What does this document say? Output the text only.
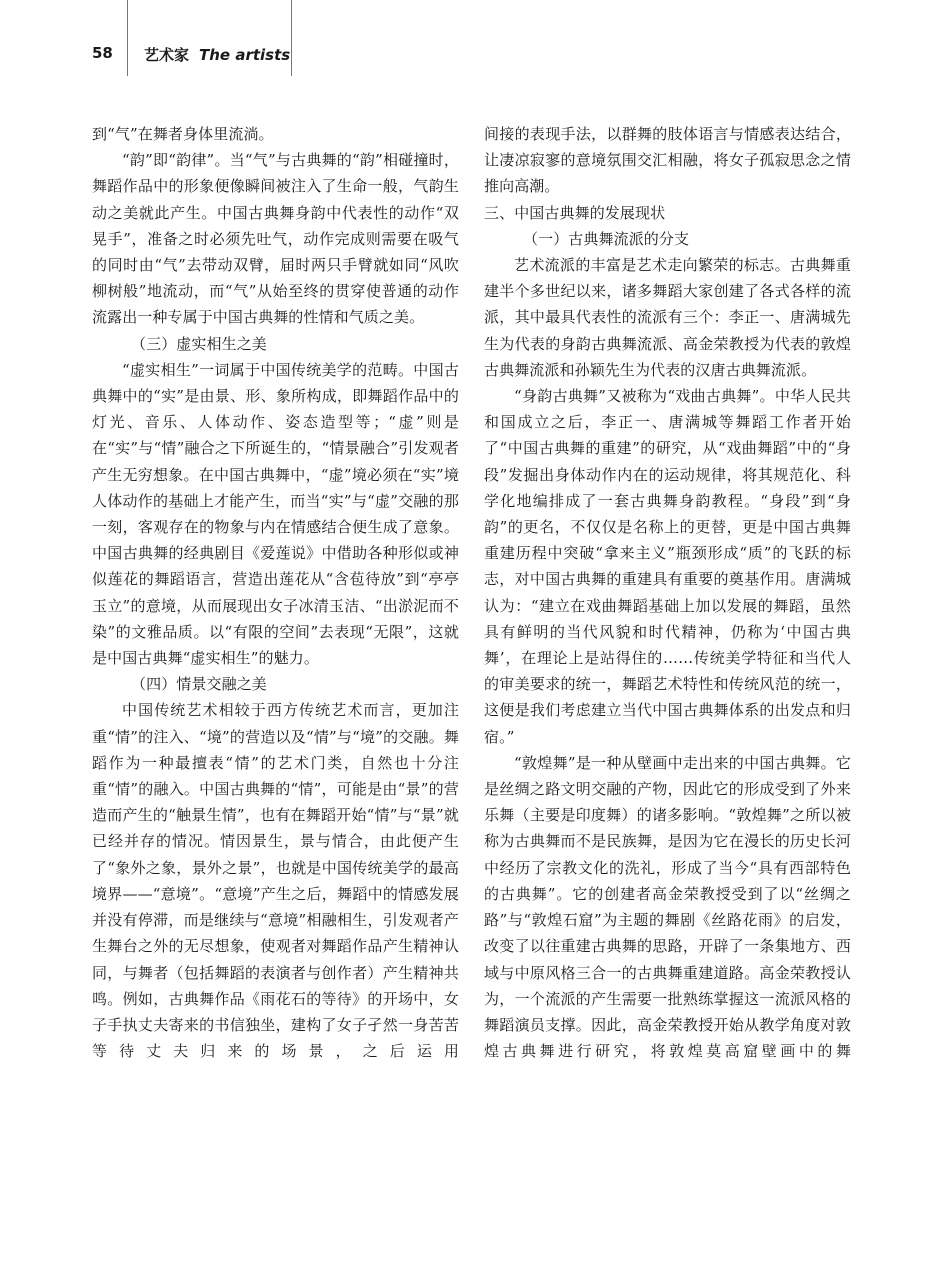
58 艺术家 The artists

到“气”在舞者身体里流淌。

“韵”即“韵律”。当“气”与古典舞的“韵”相碰撞时，舞蹈作品中的形象便像瞬间被注入了生命一般，气韵生动之美就此产生。中国古典舞身韵中代表性的动作“双晃手”，准备之时必须先吐气，动作完成则需要在吸气的同时由“气”去带动双臂，届时两只手臂就如同“风吹柳树般”地流动，而“气”从始至终的贯穿使普通的动作流露出一种专属于中国古典舞的性情和气质之美。

（三）虚实相生之美

“虚实相生”一词属于中国传统美学的范畴。中国古典舞中的“实”是由景、形、象所构成，即舞蹈作品中的灯光、音乐、人体动作、姿态造型等；“虚”则是在“实”与“情”融合之下所诞生的，“情景融合”引发观者产生无穷想象。在中国古典舞中，“虚”境必须在“实”境人体动作的基础上才能产生，而当“实”与“虚”交融的那一刻，客观存在的物象与内在情感结合便生成了意象。中国古典舞的经典剧目《爱莲说》中借助各种形似或神似莲花的舞蹈语言，营造出莲花从“含苞待放”到“亭亭玉立”的意境，从而展现出女子冰清玉洁、“出淤泥而不染”的文雅品质。以“有限的空间”去表现“无限”，这就是中国古典舞“虚实相生”的魅力。

（四）情景交融之美

中国传统艺术相较于西方传统艺术而言，更加注重“情”的注入、“境”的营造以及“情”与“境”的交融。舞蹈作为一种最擅表“情”的艺术门类，自然也十分注重“情”的融入。中国古典舞的“情”，可能是由“景”的营造而产生的“触景生情”，也有在舞蹈开始“情”与“景”就已经并存的情况。情因景生，景与情合，由此便产生了“象外之象，景外之景”，也就是中国传统美学的最高境界——“意境”。“意境”产生之后，舞蹈中的情感发展并没有停滞，而是继续与“意境”相融相生，引发观者产生舞台之外的无尽想象，使观者对舞蹈作品产生精神认同，与舞者（包括舞蹈的表演者与创作者）产生精神共鸣。例如，古典舞作品《雨花石的等待》的开场中，女子手执丈夫寄来的书信独坐，建构了女子孑然一身苦苦等待丈夫归来的场景，之后运用

间接的表现手法，以群舞的肢体语言与情感表达结合，让凄凉寂寥的意境氛围交汇相融，将女子孤寂思念之情推向高潮。

三、中国古典舞的发展现状

（一）古典舞流派的分支

艺术流派的丰富是艺术走向繁荣的标志。古典舞重建半个多世纪以来，诸多舞蹈大家创建了各式各样的流派，其中最具代表性的流派有三个：李正一、唐满城先生为代表的身韵古典舞流派、高金荣教授为代表的敦煌古典舞流派和孙颖先生为代表的汉唐古典舞流派。

“身韵古典舞”又被称为“戏曲古典舞”。中华人民共和国成立之后，李正一、唐满城等舞蹈工作者开始了“中国古典舞的重建”的研究，从“戏曲舞蹈”中的“身段”发掘出身体动作内在的运动规律，将其规范化、科学化地编排成了一套古典舞身韵教程。“身段”到“身韵”的更名，不仅仅是名称上的更替，更是中国古典舞重建历程中突破“拿来主义”瓶颈形成“质”的飞跃的标志，对中国古典舞的重建具有重要的奠基作用。唐满城认为：“建立在戏曲舞蹈基础上加以发展的舞蹈，虽然具有鲜明的当代风貌和时代精神，仍称为‘中国古典舞’，在理论上是站得住的……传统美学特征和当代人的审美要求的统一，舞蹈艺术特性和传统风范的统一，这便是我们考虑建立当代中国古典舞体系的出发点和归宿。”

“敦煌舞”是一种从壁画中走出来的中国古典舞。它是丝绸之路文明交融的产物，因此它的形成受到了外来乐舞（主要是印度舞）的诸多影响。“敦煌舞”之所以被称为古典舞而不是民族舞，是因为它在漫长的历史长河中经历了宗教文化的洗礼，形成了当今“具有西部特色的古典舞”。它的创建者高金荣教授受到了以“丝绸之路”与“敦煌石窟”为主题的舞剧《丝路花雨》的启发，改变了以往重建古典舞的思路，开辟了一条集地方、西域与中原风格三合一的古典舞重建道路。高金荣教授认为，一个流派的产生需要一批熟练掌握这一流派风格的舞蹈演员支撑。因此，高金荣教授开始从教学角度对敦煌古典舞进行研究，将敦煌莫高窟壁画中的舞
